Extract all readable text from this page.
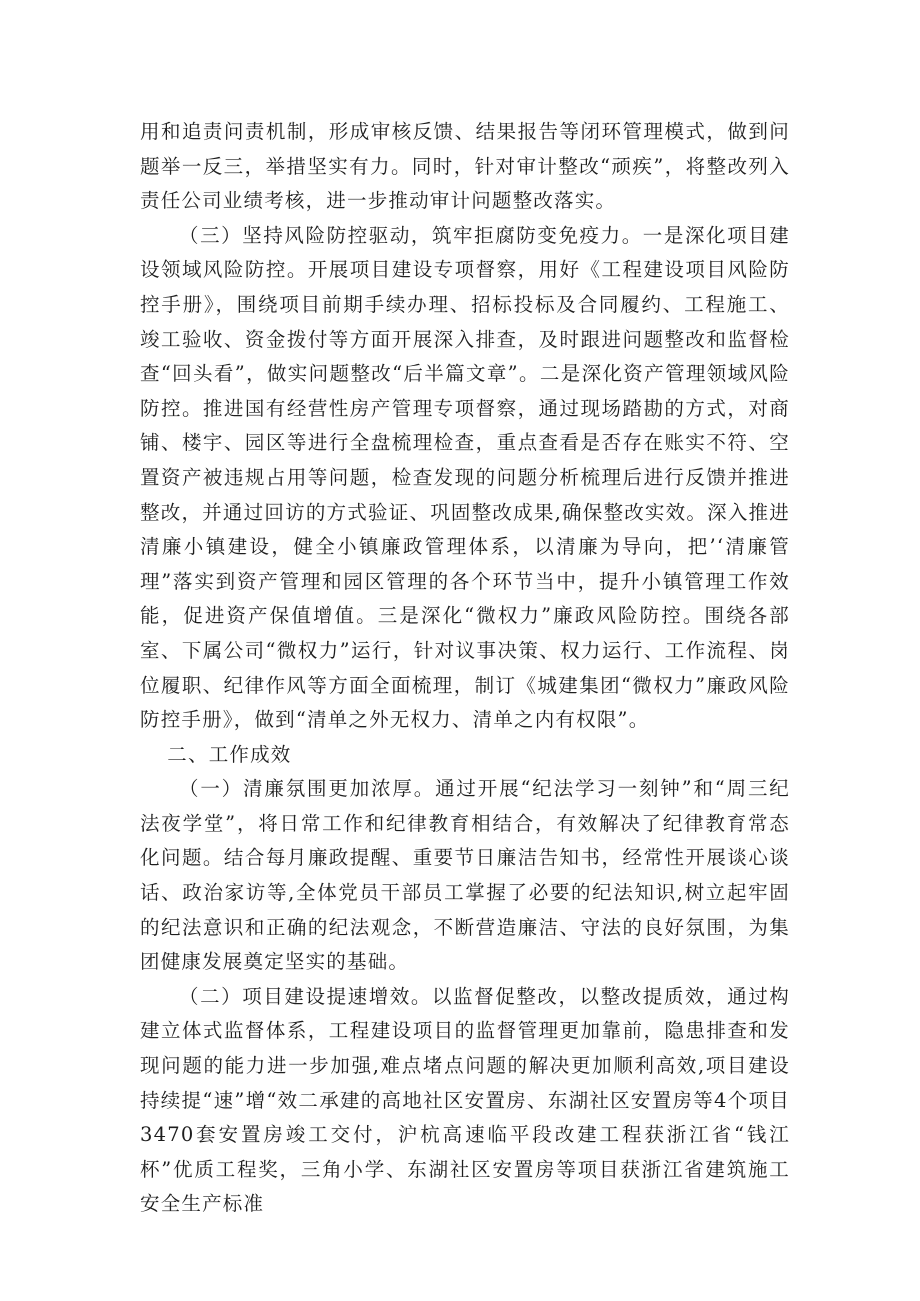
用和追责问责机制，形成审核反馈、结果报告等闭环管理模式，做到问题举一反三，举措坚实有力。同时，针对审计整改“顽疾”，将整改列入责任公司业绩考核，进一步推动审计问题整改落实。

（三）坚持风险防控驱动，筑牢拒腐防变免疫力。一是深化项目建设领域风险防控。开展项目建设专项督察，用好《工程建设项目风险防控手册》，围绕项目前期手续办理、招标投标及合同履约、工程施工、竣工验收、资金拨付等方面开展深入排查，及时跟进问题整改和监督检查“回头看”，做实问题整改“后半篇文章”。二是深化资产管理领域风险防控。推进国有经营性房产管理专项督察，通过现场踏勘的方式，对商铺、楼宇、园区等进行全盘梳理检查，重点查看是否存在账实不符、空置资产被违规占用等问题，检查发现的问题分析梳理后进行反馈并推进整改，并通过回访的方式验证、巩固整改成果,确保整改实效。深入推进清廉小镇建设，健全小镇廉政管理体系，以清廉为导向，把’‘清廉管理”落实到资产管理和园区管理的各个环节当中，提升小镇管理工作效能，促进资产保值增值。三是深化“微权力”廉政风险防控。围绕各部室、下属公司“微权力”运行，针对议事决策、权力运行、工作流程、岗位履职、纪律作风等方面全面梳理，制订《城建集团“微权力”廉政风险防控手册》，做到“清单之外无权力、清单之内有权限”。

二、工作成效

（一）清廉氛围更加浓厚。通过开展“纪法学习一刻钟”和“周三纪法夜学堂”，将日常工作和纪律教育相结合，有效解决了纪律教育常态化问题。结合每月廉政提醒、重要节日廉洁告知书，经常性开展谈心谈话、政治家访等,全体党员干部员工掌握了必要的纪法知识,树立起牢固的纪法意识和正确的纪法观念，不断营造廉洁、守法的良好氛围，为集团健康发展奠定坚实的基础。

（二）项目建设提速增效。以监督促整改，以整改提质效，通过构建立体式监督体系，工程建设项目的监督管理更加靠前，隐患排查和发现问题的能力进一步加强,难点堵点问题的解决更加顺利高效,项目建设持续提“速”增“效二承建的高地社区安置房、东湖社区安置房等4个项目3470套安置房竣工交付，沪杭高速临平段改建工程获浙江省“钱江杯”优质工程奖，三角小学、东湖社区安置房等项目获浙江省建筑施工安全生产标准
